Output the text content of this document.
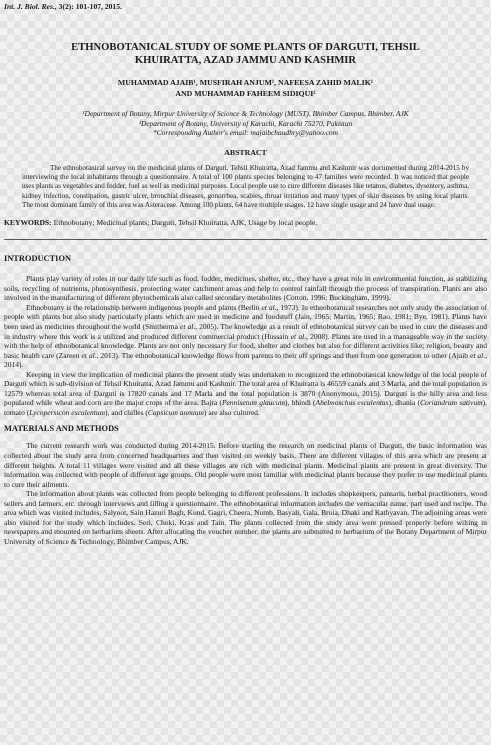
Int. J. Biol. Res., 3(2): 101-107, 2015.
ETHNOBOTANICAL STUDY OF SOME PLANTS OF DARGUTI, TEHSIL KHUIRATTA, AZAD JAMMU AND KASHMIR
MUHAMMAD AJAIB¹, MUSFIRAH ANJUM¹, NAFEESA ZAHID MALIK¹
AND MUHAMMAD FAHEEM SIDIQUI²
¹Department of Botany, Mirpur University of Science & Technology (MUST), Bhimber Campus, Bhimber, AJK
²Department of Botany, University of Karachi, Karachi 75270, Pakistan
*Corresponding Author's email: majaibchaudhry@yahoo.com
ABSTRACT

The ethnobotanical survey on the medicinal plants of Darguti, Tehsil Khuiratta, Azad Jammu and Kashmir was documented during 2014-2015 by interviewing the local inhabitants through a questionnaire. A total of 100 plants species belonging to 47 families were recorded. It was noticed that people uses plants as vegetables and fodder, fuel as well as medicinal purposes. Local people use to cure different diseases like tetanus, diabetes, dysentery, asthma, kidney infection, constipation, gastric ulcer, bronchial diseases, gonorrhea, scabies, throat irritation and many types of skin diseases by using local plants. The most dominant family of this area was Asteraceae. Among 100 plants, 64 have multiple usages, 12 have single usage and 24 have dual usage.

KEYWORDS: Ethnobotany; Medicinal plants; Darguti, Tehsil Khuiratta, AJK, Usage by local people.
INTRODUCTION

Plants play variety of roles in our daily life such as food, fodder, medicines, shelter, etc., they have a great role in environmental function, as stabilizing soils, recycling of nutrients, photosynthesis, protecting water catchment areas and help to control rainfall through the process of transpiration. Plants are also involved in the manufacturing of different phytochemicals also called secondary metabolites (Cotton, 1996; Buckingham, 1999).

Ethnobotany is the relationship between indigenous people and plants (Berlin et al., 1973). In ethnobotanical researches not only study the association of people with plants but also study particularly plants which are used in medicine and foodstuff (Jain, 1965; Martin, 1965; Rao, 1981; Bye, 1981). Plants have been used as medicines throughout the world (Smitherma et al., 2005). The knowledge as a result of ethnobotanical survey can be used to cure the diseases and in industry where this work is a utilized and produced different commercial product (Hussain et al., 2008). Plants are used in a manageable way in the society with the help of ethnobotanical knowledge. Plants are not only necessary for food, shelter and clothes but also for different activities like; religion, beauty and basic health care (Zareen et al., 2013). The ethnobotanical knowledge flows from parents to their off springs and then from one generation to other (Ajaib et al., 2014).

Keeping in view the implication of medicinal plants the present study was undertaken to recognized the ethnobotanical knowledge of the local people of Darguti which is sub-division of Tehsil Khuiratta, Azad Jammu and Kashmir. The total area of Khuiratta is 46559 canals and 3 Marla, and the total population is 12579 whereas total area of Darguti is 17820 canals and 17 Marla and the total population is 3870 (Anonymous, 2015). Darguti is the hilly area and less populated while wheat and corn are the major crops of the area. Bajra (Pennisetum glaucum), bhindi (Abelmoschus esculentus), dhania (Coriandrum sativum), tomato (Lycopersicon esculentum), and chilles (Capsicum annuum) are also cultured.

MATERIALS AND METHODS

The current research work was conducted during 2014-2015. Before starting the research on medicinal plants of Darguti, the basic information was collected about the study area from concerned headquarters and then visited on weekly basis. There are different villages of this area which are present at different heights. A total 11 villages were visited and all these villages are rich with medicinal plants. Medicinal plants are present in great diversity. The information was collected with people of different age groups. Old people were most familiar with medicinal plants because they prefer to use medicinal plants to cure their ailments.

The information about plants was collected from people belonging to different professions. It includes shopkeepers, pansaris, herbal practitioners, wood sellers and farmers, etc. through interviews and filling a questionnaire. The ethnobotanical information includes the vernacular name, part used and recipe. The area which was visited includes, Salyoot, Sain Hazuri Bagh, Kund, Gagri, Cheera, Numb, Basyali, Gala, Bruia, Dhaki and Kathyavan. The adjoining areas were also visited for the study which includes, Seri, Choki, Kras and Tain. The plants collected from the study area were pressed properly before wilting in newspapers and mounted on herbarium sheets. After allocating the voucher number, the plants are submitted to herbarium of the Botany Department of Mirpur University of Science & Technology, Bhimber Campus, AJK.
